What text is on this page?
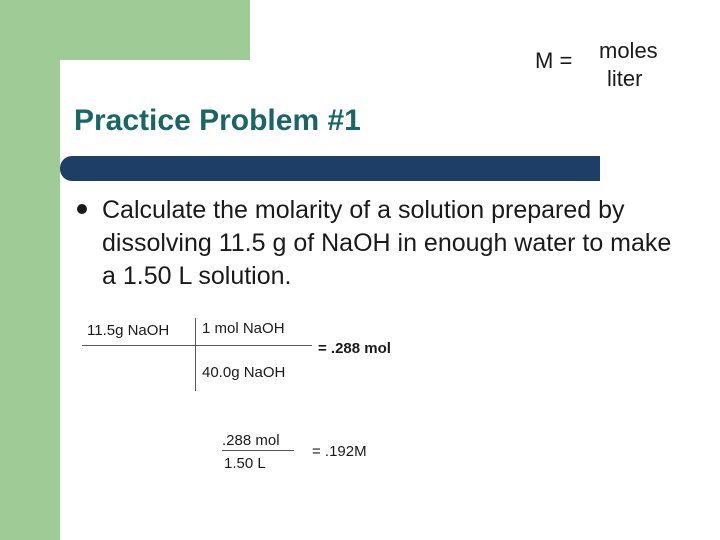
M = moles
liter
Practice Problem #1

Calculate the molarity of a solution prepared by dissolving 11.5 g of NaOH in enough water to make a 1.50 L solution.

11.5g NaOH 1 mol NaOH
40.0g NaOH
= .288 mol
.288 mol
1.50 L
= .192M
